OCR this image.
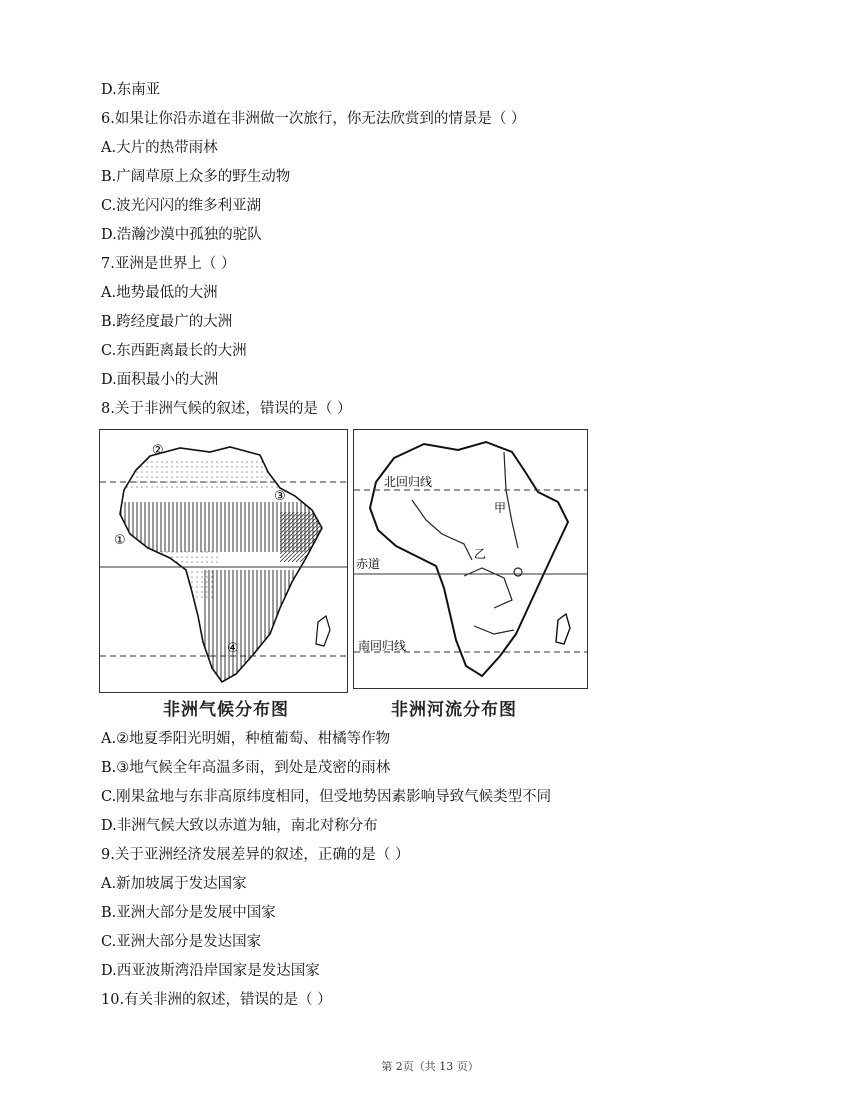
D.东南亚
6.如果让你沿赤道在非洲做一次旅行，你无法欣赏到的情景是（ ）
A.大片的热带雨林
B.广阔草原上众多的野生动物
C.波光闪闪的维多利亚湖
D.浩瀚沙漠中孤独的驼队
7.亚洲是世界上（ ）
A.地势最低的大洲
B.跨经度最广的大洲
C.东西距离最长的大洲
D.面积最小的大洲
8.关于非洲气候的叙述，错误的是（ ）
②
③
①
④	南回归线
赤道
北回归线
甲
乙
非洲气候分布图	非洲河流分布图
A.②地夏季阳光明媚，种植葡萄、柑橘等作物
B.③地气候全年高温多雨，到处是茂密的雨林
C.刚果盆地与东非高原纬度相同，但受地势因素影响导致气候类型不同
D.非洲气候大致以赤道为轴，南北对称分布
9.关于亚洲经济发展差异的叙述，正确的是（ ）
A.新加坡属于发达国家
B.亚洲大部分是发展中国家
C.亚洲大部分是发达国家
D.西亚波斯湾沿岸国家是发达国家
10.有关非洲的叙述，错误的是（ ）
第 2页（共 13 页）
